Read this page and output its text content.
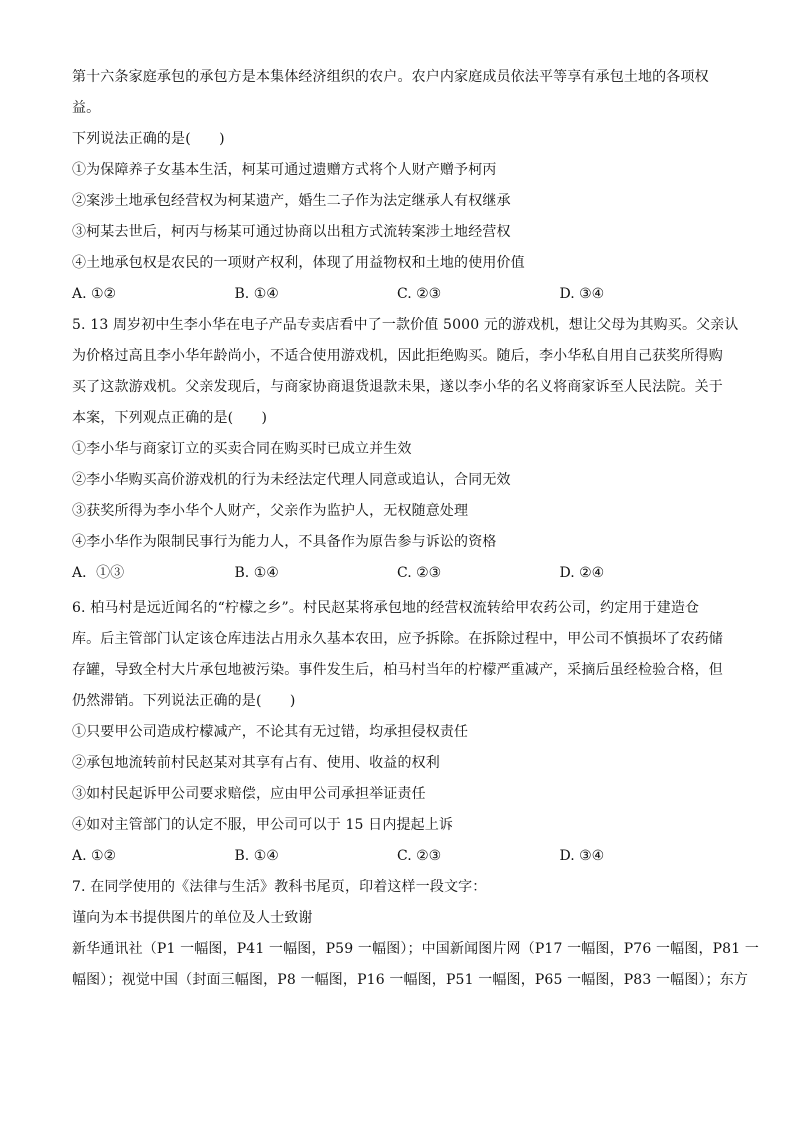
第十六条家庭承包的承包方是本集体经济组织的农户。农户内家庭成员依法平等享有承包土地的各项权
益。
下列说法正确的是(　　)
①为保障养子女基本生活，柯某可通过遗赠方式将个人财产赠予柯丙
②案涉土地承包经营权为柯某遗产，婚生二子作为法定继承人有权继承
③柯某去世后，柯丙与杨某可通过协商以出租方式流转案涉土地经营权
④土地承包权是农民的一项财产权利，体现了用益物权和土地的使用价值
A. ①②	B. ①④	C. ②③	D. ③④
5. 13 周岁初中生李小华在电子产品专卖店看中了一款价值 5000 元的游戏机，想让父母为其购买。父亲认
为价格过高且李小华年龄尚小，不适合使用游戏机，因此拒绝购买。随后，李小华私自用自己获奖所得购
买了这款游戏机。父亲发现后，与商家协商退货退款未果，遂以李小华的名义将商家诉至人民法院。关于
本案，下列观点正确的是(　　)
①李小华与商家订立的买卖合同在购买时已成立并生效
②李小华购买高价游戏机的行为未经法定代理人同意或追认，合同无效
③获奖所得为李小华个人财产，父亲作为监护人，无权随意处理
④李小华作为限制民事行为能力人，不具备作为原告参与诉讼的资格
A．①③	B. ①④	C. ②③	D. ②④
6. 柏马村是远近闻名的“柠檬之乡”。村民赵某将承包地的经营权流转给甲农药公司，约定用于建造仓
库。后主管部门认定该仓库违法占用永久基本农田，应予拆除。在拆除过程中，甲公司不慎损坏了农药储
存罐，导致全村大片承包地被污染。事件发生后，柏马村当年的柠檬严重减产，采摘后虽经检验合格，但
仍然滞销。下列说法正确的是(　　)
①只要甲公司造成柠檬减产，不论其有无过错，均承担侵权责任
②承包地流转前村民赵某对其享有占有、使用、收益的权利
③如村民起诉甲公司要求赔偿，应由甲公司承担举证责任
④如对主管部门的认定不服，甲公司可以于 15 日内提起上诉
A. ①②	B. ①④	C. ②③	D. ③④
7. 在同学使用的《法律与生活》教科书尾页，印着这样一段文字：
谨向为本书提供图片的单位及人士致谢
新华通讯社（P1 一幅图，P41 一幅图，P59 一幅图）；中国新闻图片网（P17 一幅图，P76 一幅图，P81 一
幅图）；视觉中国（封面三幅图，P8 一幅图，P16 一幅图，P51 一幅图，P65 一幅图，P83 一幅图）；东方
